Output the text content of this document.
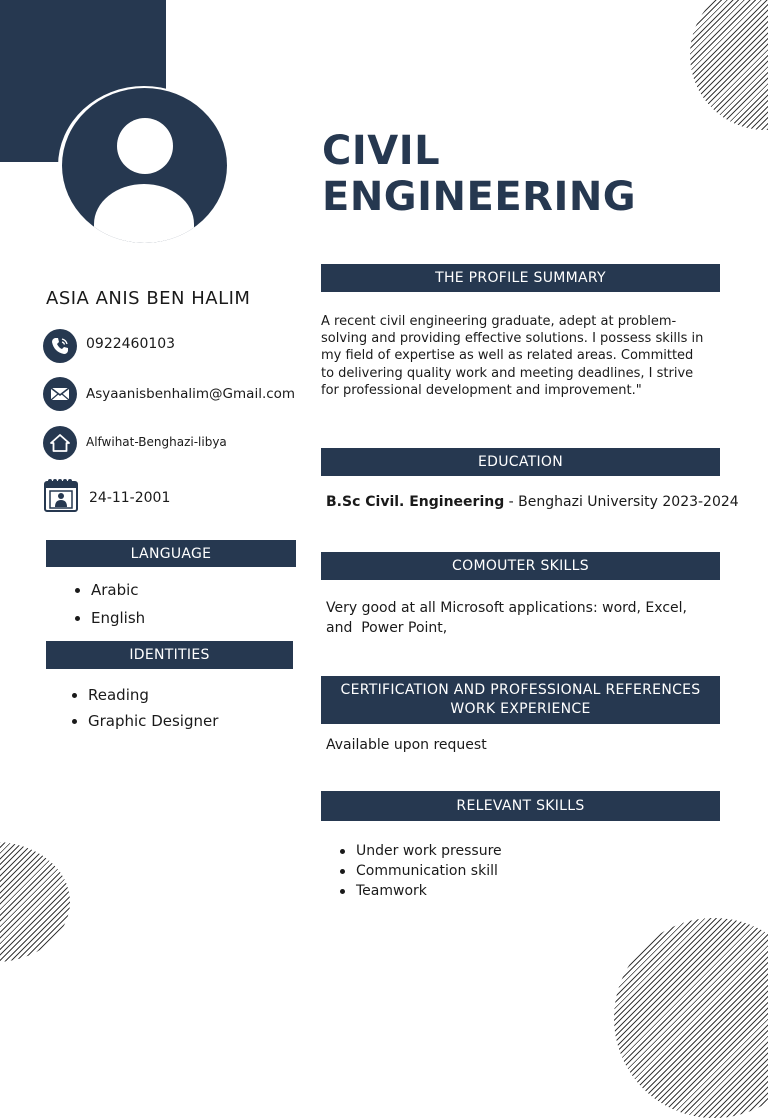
CIVIL
ENGINEERING
ASIA ANIS BEN HALIM
0922460103
Asyaanisbenhalim@Gmail.com
Alfwihat-Benghazi-libya
24-11-2001
LANGUAGE
Arabic
English
IDENTITIES
Reading
Graphic Designer
THE PROFILE SUMMARY
A recent civil engineering graduate, adept at problem-solving and providing effective solutions. I possess skills in my field of expertise as well as related areas. Committed to delivering quality work and meeting deadlines, I strive for professional development and improvement."
EDUCATION
B.Sc Civil. Engineering - Benghazi University 2023-2024
COMOUTER SKILLS
Very good at all Microsoft applications: word, Excel, and  Power Point,
CERTIFICATION AND PROFESSIONAL REFERENCES
WORK EXPERIENCE
Available upon request
RELEVANT SKILLS
Under work pressure
Communication skill
Teamwork
